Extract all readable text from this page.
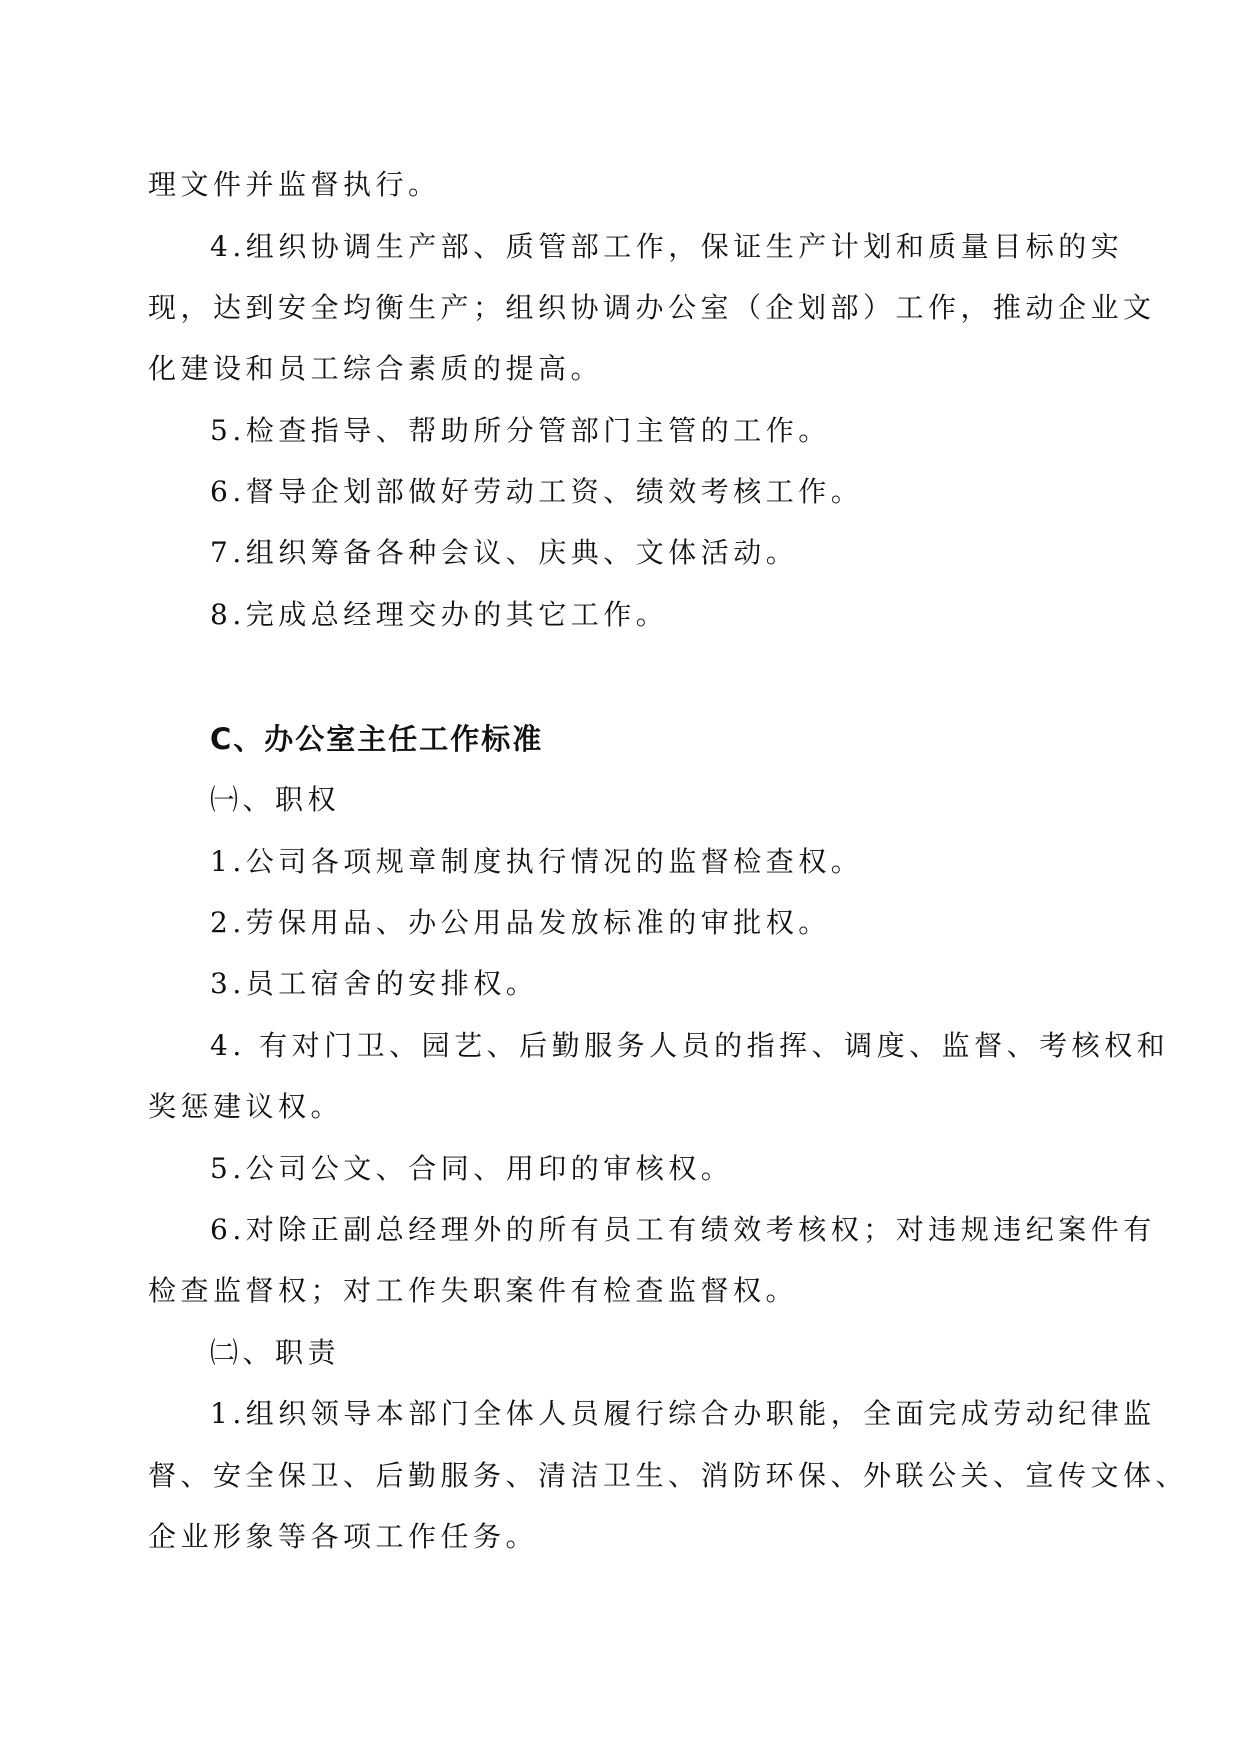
理文件并监督执行。
4.组织协调生产部、质管部工作，保证生产计划和质量目标的实
现，达到安全均衡生产；组织协调办公室（企划部）工作，推动企业文
化建设和员工综合素质的提高。
5.检查指导、帮助所分管部门主管的工作。
6.督导企划部做好劳动工资、绩效考核工作。
7.组织筹备各种会议、庆典、文体活动。
8.完成总经理交办的其它工作。
C、办公室主任工作标准
㈠、职权
1.公司各项规章制度执行情况的监督检查权。
2.劳保用品、办公用品发放标准的审批权。
3.员工宿舍的安排权。
4. 有对门卫、园艺、后勤服务人员的指挥、调度、监督、考核权和
奖惩建议权。
5.公司公文、合同、用印的审核权。
6.对除正副总经理外的所有员工有绩效考核权；对违规违纪案件有
检查监督权；对工作失职案件有检查监督权。
㈡、职责
1.组织领导本部门全体人员履行综合办职能，全面完成劳动纪律监
督、安全保卫、后勤服务、清洁卫生、消防环保、外联公关、宣传文体、
企业形象等各项工作任务。
